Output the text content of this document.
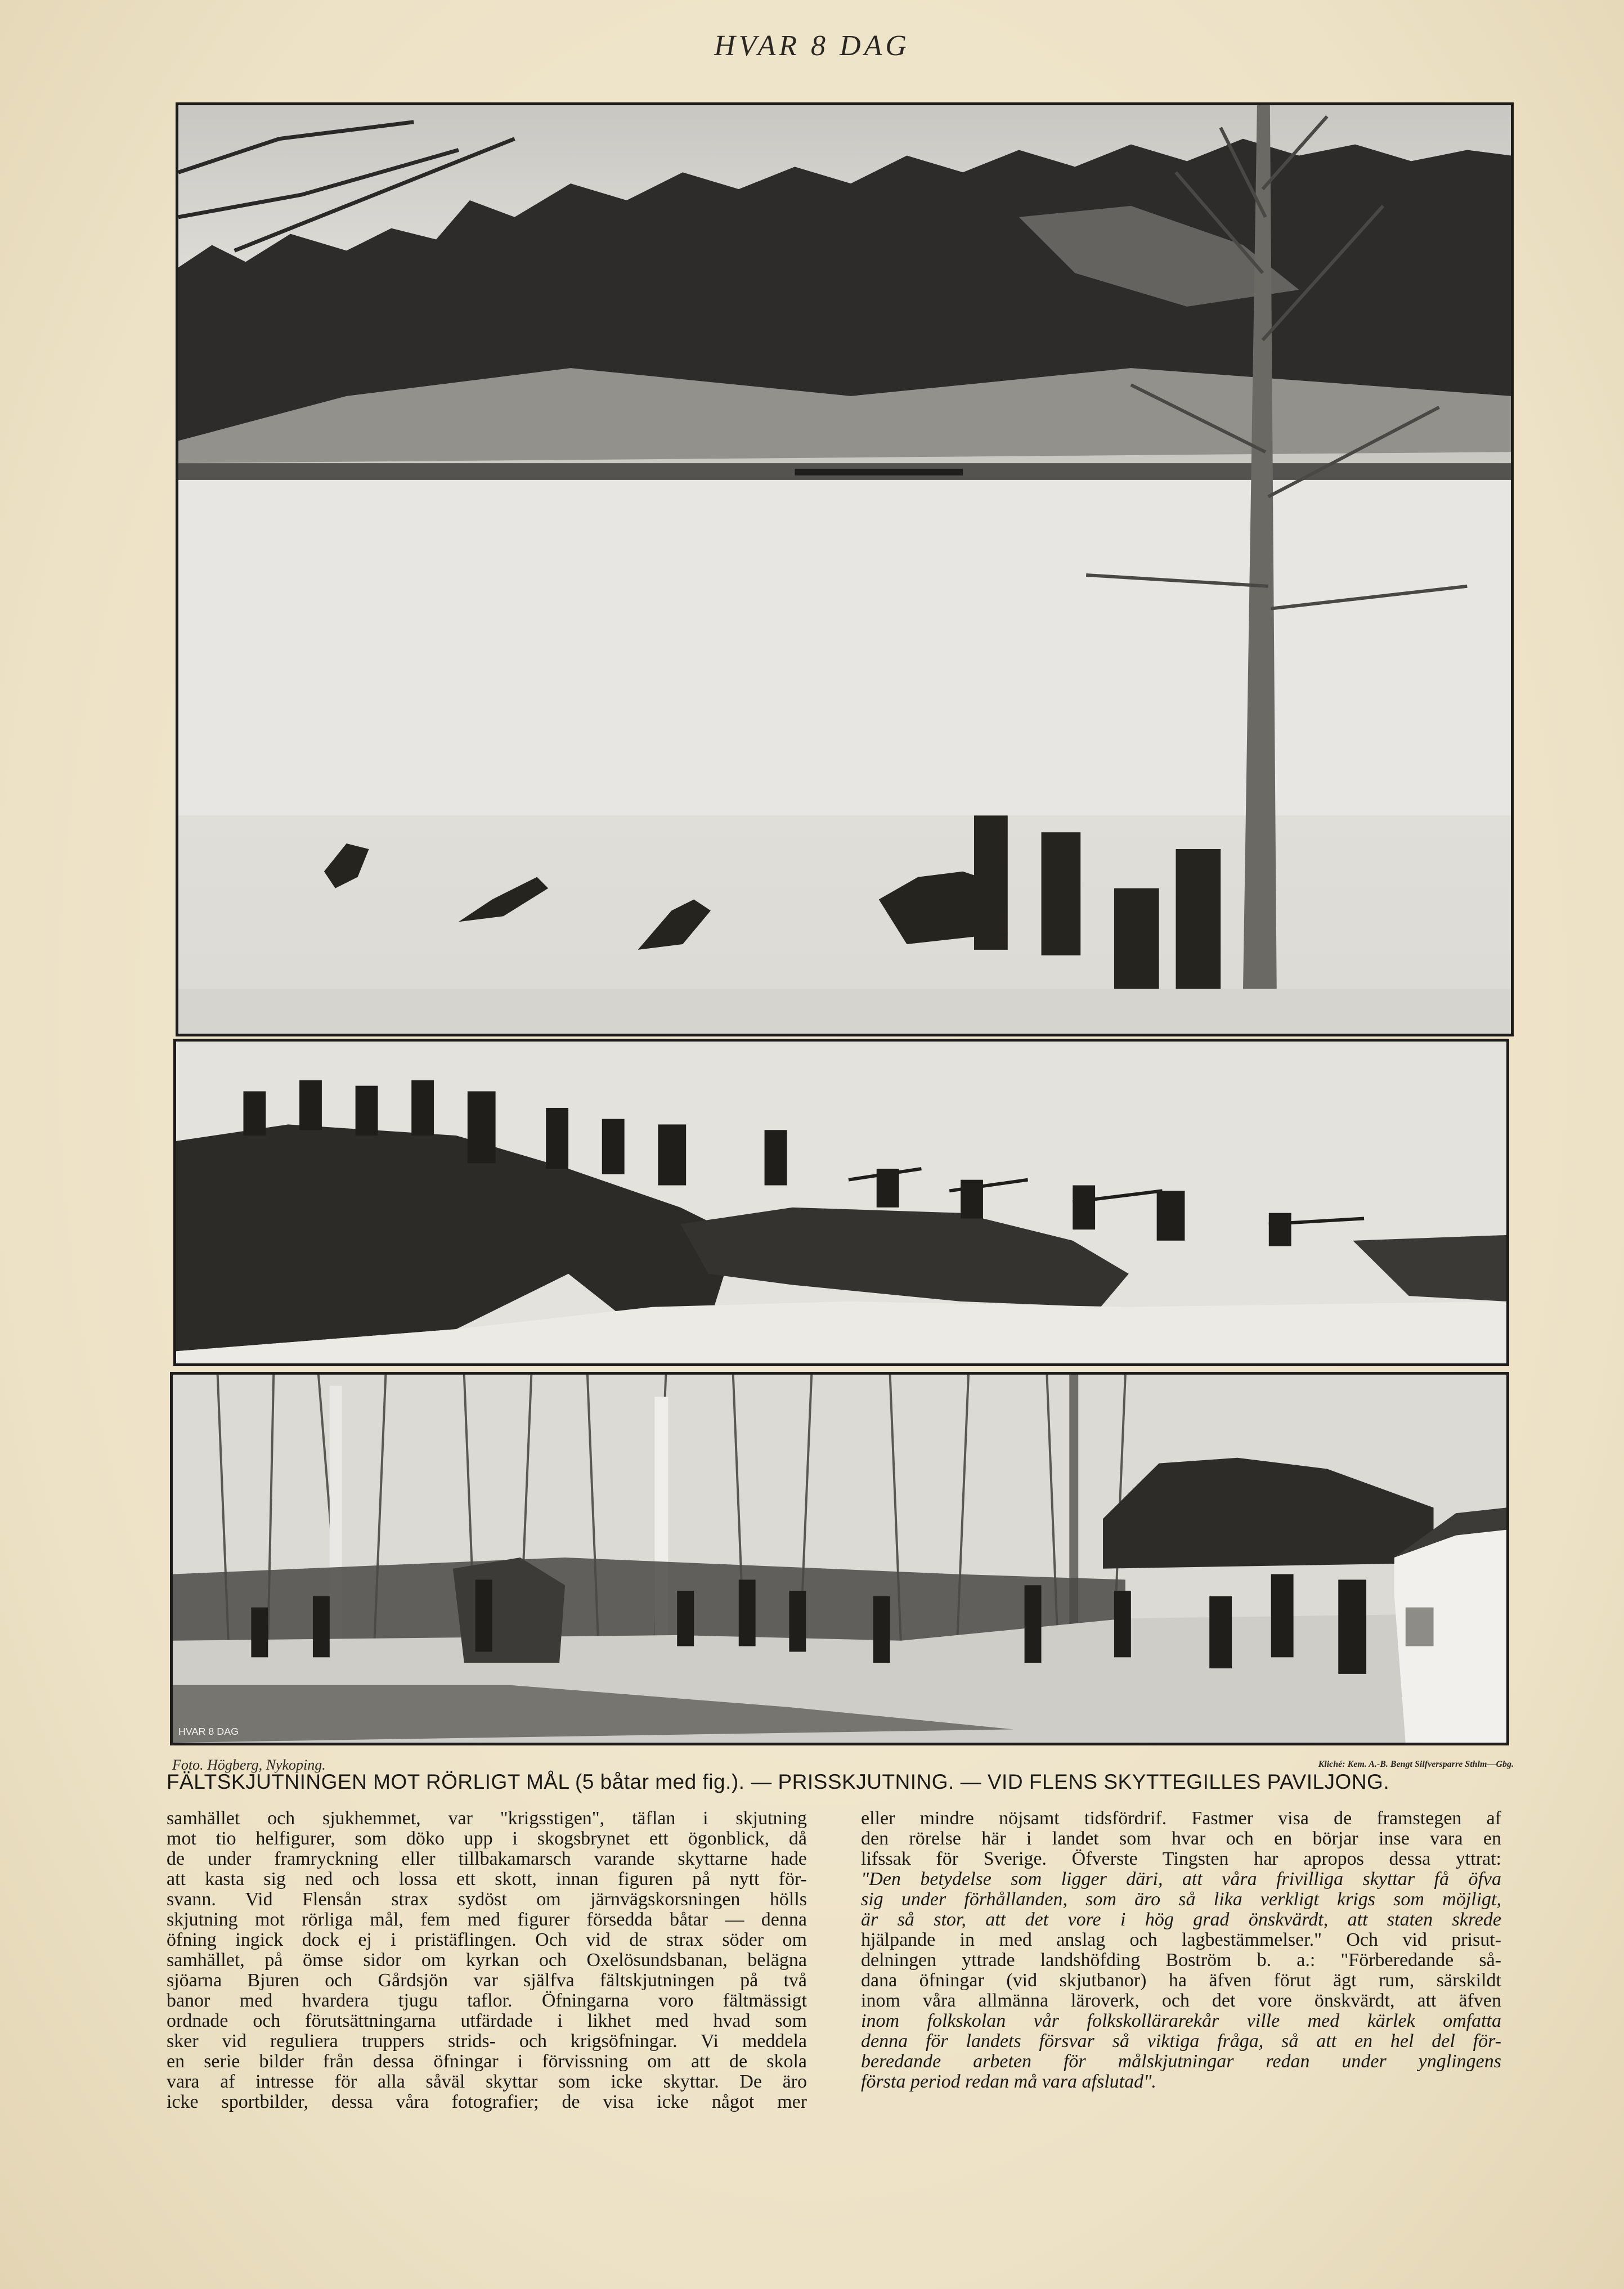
HVAR 8 DAG
HVAR 8 DAG
Foto. Högberg, Nykoping.	Kliché: Kem. A.-B. Bengt Silfversparre Sthlm—Gbg.
FÄLTSKJUTNINGEN MOT RÖRLIGT MÅL (5 båtar med fig.). — PRISSKJUTNING. — VID FLENS SKYTTEGILLES PAVILJONG.
samhället och sjukhemmet, var "krigsstigen", täflan i skjutning
mot tio helfigurer, som döko upp i skogsbrynet ett ögonblick, då
de under framryckning eller tillbakamarsch varande skyttarne hade
att kasta sig ned och lossa ett skott, innan figuren på nytt för-
svann. Vid Flensån strax sydöst om järnvägskorsningen hölls
skjutning mot rörliga mål, fem med figurer försedda båtar — denna
öfning ingick dock ej i pristäflingen. Och vid de strax söder om
samhället, på ömse sidor om kyrkan och Oxelösundsbanan, belägna
sjöarna Bjuren och Gårdsjön var själfva fältskjutningen på två
banor med hvardera tjugu taflor. Öfningarna voro fältmässigt
ordnade och förutsättningarna utfärdade i likhet med hvad som
sker vid reguliera truppers strids- och krigsöfningar. Vi meddela
en serie bilder från dessa öfningar i förvissning om att de skola
vara af intresse för alla såväl skyttar som icke skyttar. De äro
icke sportbilder, dessa våra fotografier; de visa icke något mer
eller mindre nöjsamt tidsfördrif. Fastmer visa de framstegen af
den rörelse här i landet som hvar och en börjar inse vara en
lifssak för Sverige. Öfverste Tingsten har apropos dessa yttrat:
"Den betydelse som ligger däri, att våra frivilliga skyttar få öfva
sig under förhållanden, som äro så lika verkligt krigs som möjligt,
är så stor, att det vore i hög grad önskvärdt, att staten skrede
hjälpande in med anslag och lagbestämmelser." Och vid prisut-
delningen yttrade landshöfding Boström b. a.: "Förberedande så-
dana öfningar (vid skjutbanor) ha äfven förut ägt rum, särskildt
inom våra allmänna läroverk, och det vore önskvärdt, att äfven
inom folkskolan vår folkskollärarekår ville med kärlek omfatta
denna för landets försvar så viktiga fråga, så att en hel del för-
beredande arbeten för målskjutningar redan under ynglingens
första period redan må vara afslutad".
